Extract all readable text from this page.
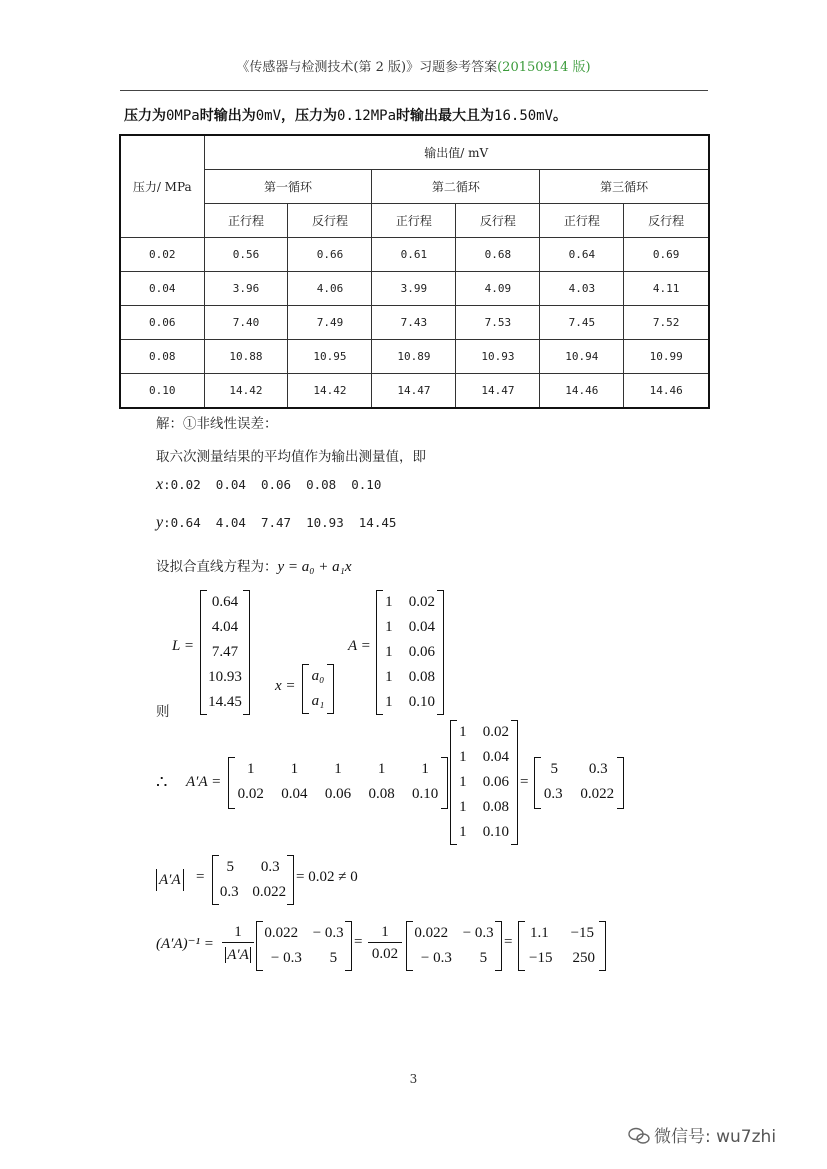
《传感器与检测技术(第 2 版)》习题参考答案(20150914 版)
压力为0MPa时输出为0mV，压力为0.12MPa时输出最大且为16.50mV。
压力/ MPa	输出值/ mV					
	第一循环		第二循环		第三循环	
	正行程	反行程	正行程	反行程	正行程	反行程
0.02	0.56	0.66	0.61	0.68	0.64	0.69
0.04	3.96	4.06	3.99	4.09	4.03	4.11
0.06	7.40	7.49	7.43	7.53	7.45	7.52
0.08	10.88	10.95	10.89	10.93	10.94	10.99
0.10	14.42	14.42	14.47	14.47	14.46	14.46
解：①非线性误差：
取六次测量结果的平均值作为输出测量值，即
x:0.02  0.04  0.06  0.08  0.10
y:0.64  4.04  7.47  10.93  14.45
设拟合直线方程为：y = a₀ + a₁x
L =
0.64
4.04
7.47
10.93
14.45
x =
a₀
a₁
A =
1 0.02
1 0.04
1 0.06
1 0.08
1 0.10
则
∴ A′A =
1 1 1 1 1
0.02 0.04 0.06 0.08 0.10
1 0.02
1 0.04
1 0.06
1 0.08
1 0.10
=
5 0.3
0.3 0.022
A′A =
5 0.3
0.3 0.022
= 0.02 ≠ 0
(A′A)⁻¹ =
1
A′A
0.022 − 0.3
− 0.3 5
= $\frac{1}{0.02} 0.022 - 0.3$
− 0.3 5
=
1.1 −15
−15 250
3
微信号: wu7zhi
